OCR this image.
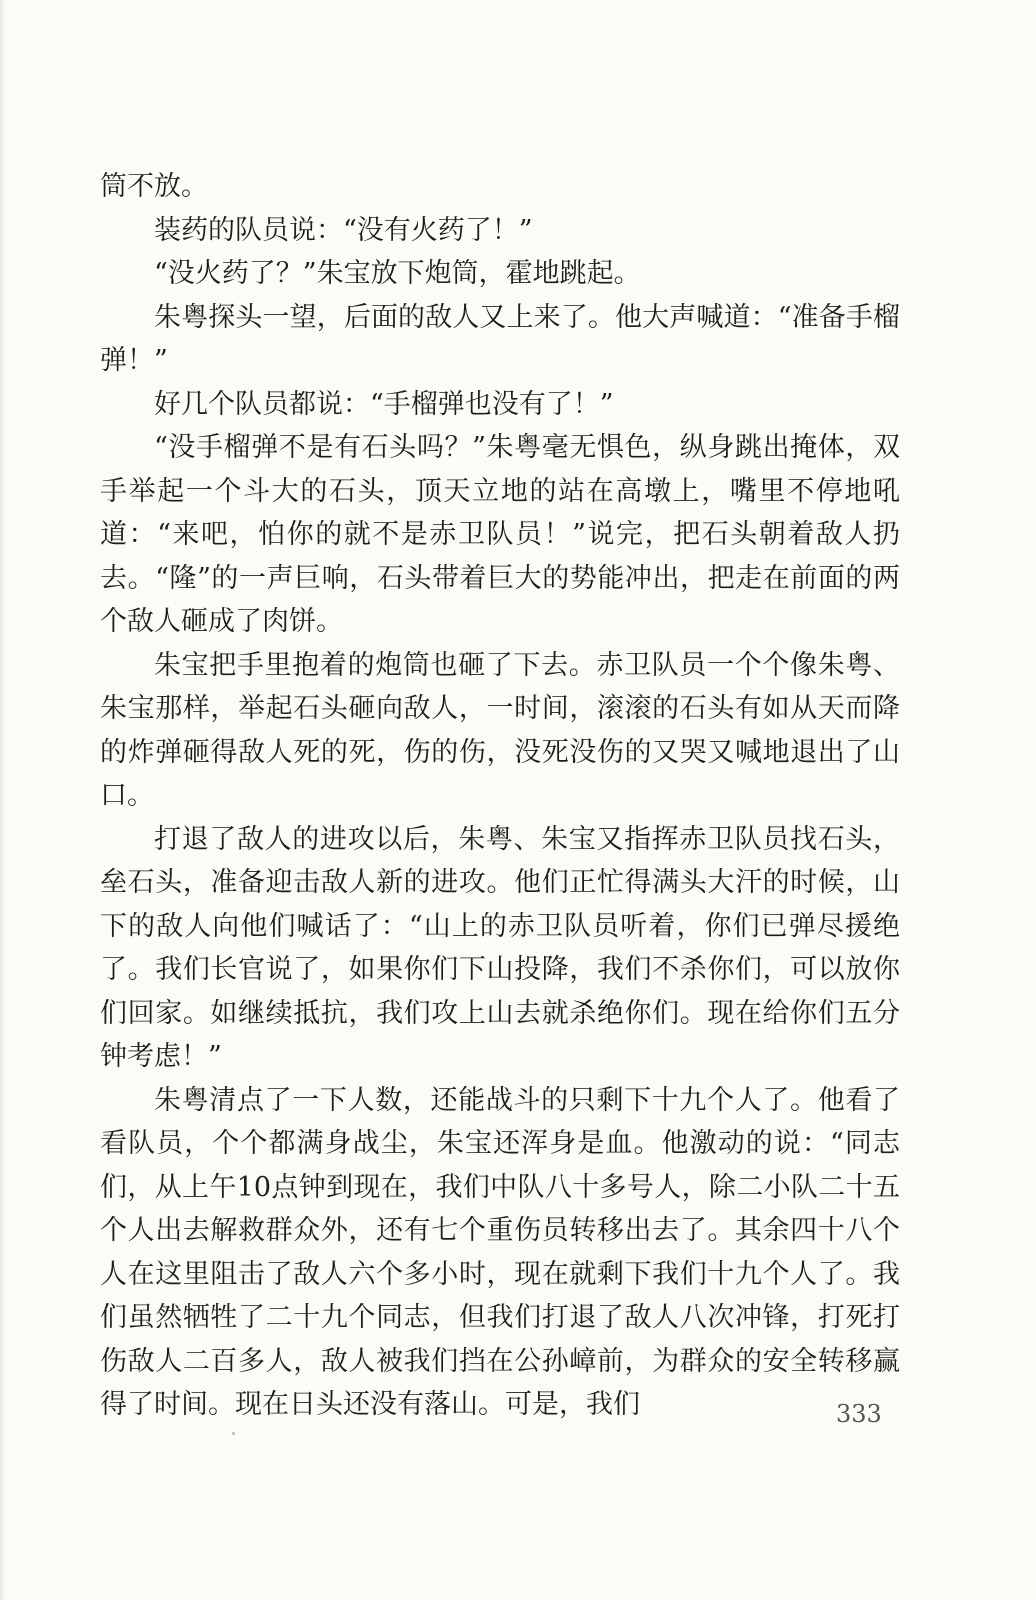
筒不放。

装药的队员说：“没有火药了！”

“没火药了？”朱宝放下炮筒，霍地跳起。

朱粤探头一望，后面的敌人又上来了。他大声喊道：“准备手榴弹！”

好几个队员都说：“手榴弹也没有了！”

“没手榴弹不是有石头吗？”朱粤毫无惧色，纵身跳出掩体，双手举起一个斗大的石头，顶天立地的站在高墩上，嘴里不停地吼道：“来吧，怕你的就不是赤卫队员！”说完，把石头朝着敌人扔去。“隆”的一声巨响，石头带着巨大的势能冲出，把走在前面的两个敌人砸成了肉饼。

朱宝把手里抱着的炮筒也砸了下去。赤卫队员一个个像朱粤、朱宝那样，举起石头砸向敌人，一时间，滚滚的石头有如从天而降的炸弹砸得敌人死的死，伤的伤，没死没伤的又哭又喊地退出了山口。

打退了敌人的进攻以后，朱粤、朱宝又指挥赤卫队员找石头，垒石头，准备迎击敌人新的进攻。他们正忙得满头大汗的时候，山下的敌人向他们喊话了：“山上的赤卫队员听着，你们已弹尽援绝了。我们长官说了，如果你们下山投降，我们不杀你们，可以放你们回家。如继续抵抗，我们攻上山去就杀绝你们。现在给你们五分钟考虑！”

朱粤清点了一下人数，还能战斗的只剩下十九个人了。他看了看队员，个个都满身战尘，朱宝还浑身是血。他激动的说：“同志们，从上午10点钟到现在，我们中队八十多号人，除二小队二十五个人出去解救群众外，还有七个重伤员转移出去了。其余四十八个人在这里阻击了敌人六个多小时，现在就剩下我们十九个人了。我们虽然牺牲了二十九个同志，但我们打退了敌人八次冲锋，打死打伤敌人二百多人，敌人被我们挡在公孙嶂前，为群众的安全转移赢得了时间。现在日头还没有落山。可是，我们	333
